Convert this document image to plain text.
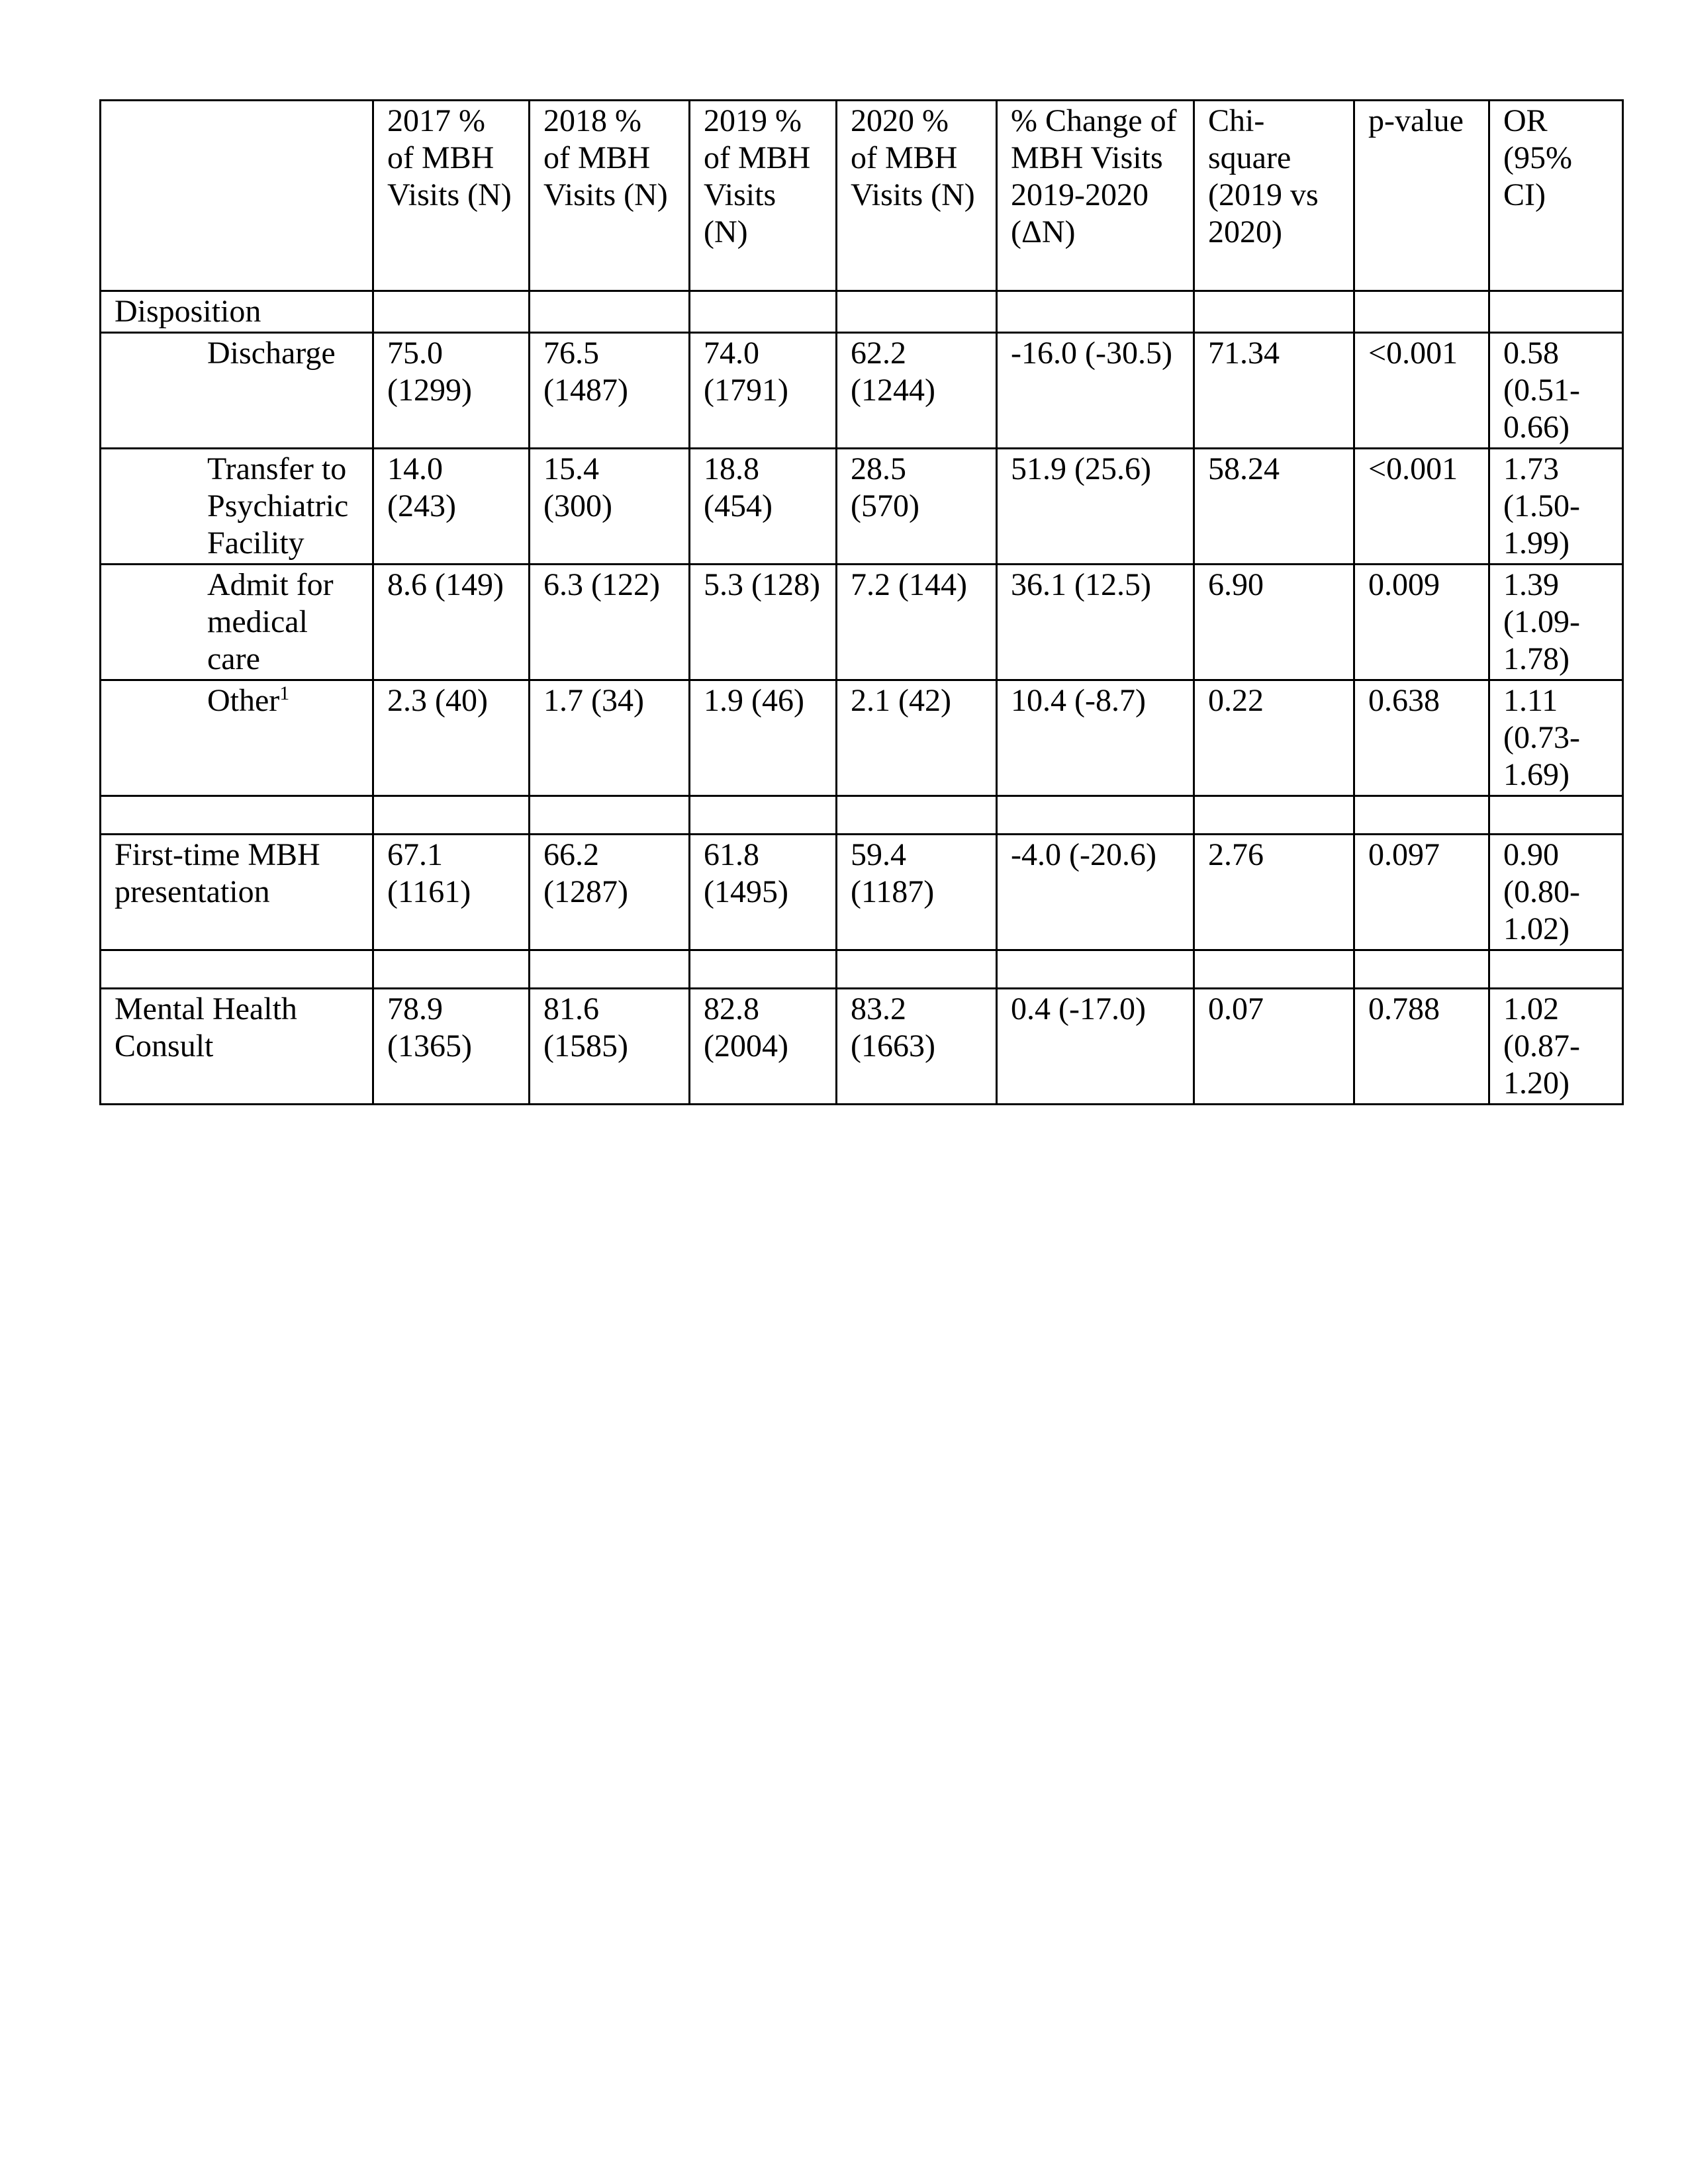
	2017 % of MBH Visits (N)	2018 % of MBH Visits (N)	2019 % of MBH Visits (N)	2020 % of MBH Visits (N)	% Change of MBH Visits 2019-2020 (ΔN)	Chi-square (2019 vs 2020)	p-value	OR (95% CI)
Disposition								
Discharge	75.0 (1299)	76.5 (1487)	74.0 (1791)	62.2 (1244)	-16.0 (-30.5)	71.34	<0.001	0.58 (0.51-0.66)
Transfer to Psychiatric Facility	14.0 (243)	15.4 (300)	18.8 (454)	28.5 (570)	51.9 (25.6)	58.24	<0.001	1.73 (1.50-1.99)
Admit for medical care	8.6 (149)	6.3 (122)	5.3 (128)	7.2 (144)	36.1 (12.5)	6.90	0.009	1.39 (1.09-1.78)
Other$^1$	2.3 (40)	1.7 (34)	1.9 (46)	2.1 (42)	10.4 (-8.7)	0.22	0.638	1.11 (0.73-1.69)

First-time MBH presentation	67.1 (1161)	66.2 (1287)	61.8 (1495)	59.4 (1187)	-4.0 (-20.6)	2.76	0.097	0.90 (0.80-1.02)

Mental Health Consult	78.9 (1365)	81.6 (1585)	82.8 (2004)	83.2 (1663)	0.4 (-17.0)	0.07	0.788	1.02 (0.87-1.20)
